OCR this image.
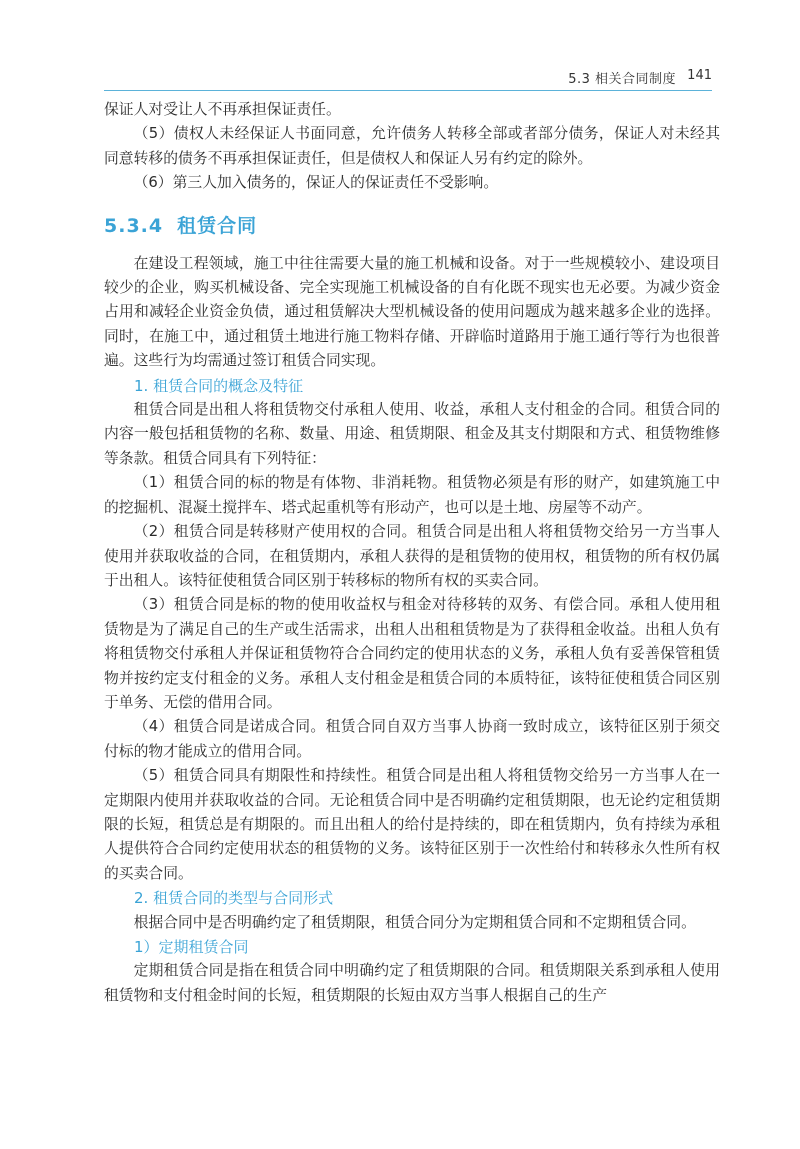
5.3 相关合同制度 141

保证人对受让人不再承担保证责任。

（5）债权人未经保证人书面同意，允许债务人转移全部或者部分债务，保证人对未经其同意转移的债务不再承担保证责任，但是债权人和保证人另有约定的除外。

（6）第三人加入债务的，保证人的保证责任不受影响。

5.3.4 租赁合同

在建设工程领域，施工中往往需要大量的施工机械和设备。对于一些规模较小、建设项目较少的企业，购买机械设备、完全实现施工机械设备的自有化既不现实也无必要。为减少资金占用和减轻企业资金负债，通过租赁解决大型机械设备的使用问题成为越来越多企业的选择。同时，在施工中，通过租赁土地进行施工物料存储、开辟临时道路用于施工通行等行为也很普遍。这些行为均需通过签订租赁合同实现。

1. 租赁合同的概念及特征

租赁合同是出租人将租赁物交付承租人使用、收益，承租人支付租金的合同。租赁合同的内容一般包括租赁物的名称、数量、用途、租赁期限、租金及其支付期限和方式、租赁物维修等条款。租赁合同具有下列特征：

（1）租赁合同的标的物是有体物、非消耗物。租赁物必须是有形的财产，如建筑施工中的挖掘机、混凝土搅拌车、塔式起重机等有形动产，也可以是土地、房屋等不动产。

（2）租赁合同是转移财产使用权的合同。租赁合同是出租人将租赁物交给另一方当事人使用并获取收益的合同，在租赁期内，承租人获得的是租赁物的使用权，租赁物的所有权仍属于出租人。该特征使租赁合同区别于转移标的物所有权的买卖合同。

（3）租赁合同是标的物的使用收益权与租金对待移转的双务、有偿合同。承租人使用租赁物是为了满足自己的生产或生活需求，出租人出租租赁物是为了获得租金收益。出租人负有将租赁物交付承租人并保证租赁物符合合同约定的使用状态的义务，承租人负有妥善保管租赁物并按约定支付租金的义务。承租人支付租金是租赁合同的本质特征，该特征使租赁合同区别于单务、无偿的借用合同。

（4）租赁合同是诺成合同。租赁合同自双方当事人协商一致时成立，该特征区别于须交付标的物才能成立的借用合同。

（5）租赁合同具有期限性和持续性。租赁合同是出租人将租赁物交给另一方当事人在一定期限内使用并获取收益的合同。无论租赁合同中是否明确约定租赁期限，也无论约定租赁期限的长短，租赁总是有期限的。而且出租人的给付是持续的，即在租赁期内，负有持续为承租人提供符合合同约定使用状态的租赁物的义务。该特征区别于一次性给付和转移永久性所有权的买卖合同。

2. 租赁合同的类型与合同形式

根据合同中是否明确约定了租赁期限，租赁合同分为定期租赁合同和不定期租赁合同。

1）定期租赁合同

定期租赁合同是指在租赁合同中明确约定了租赁期限的合同。租赁期限关系到承租人使用租赁物和支付租金时间的长短，租赁期限的长短由双方当事人根据自己的生产
